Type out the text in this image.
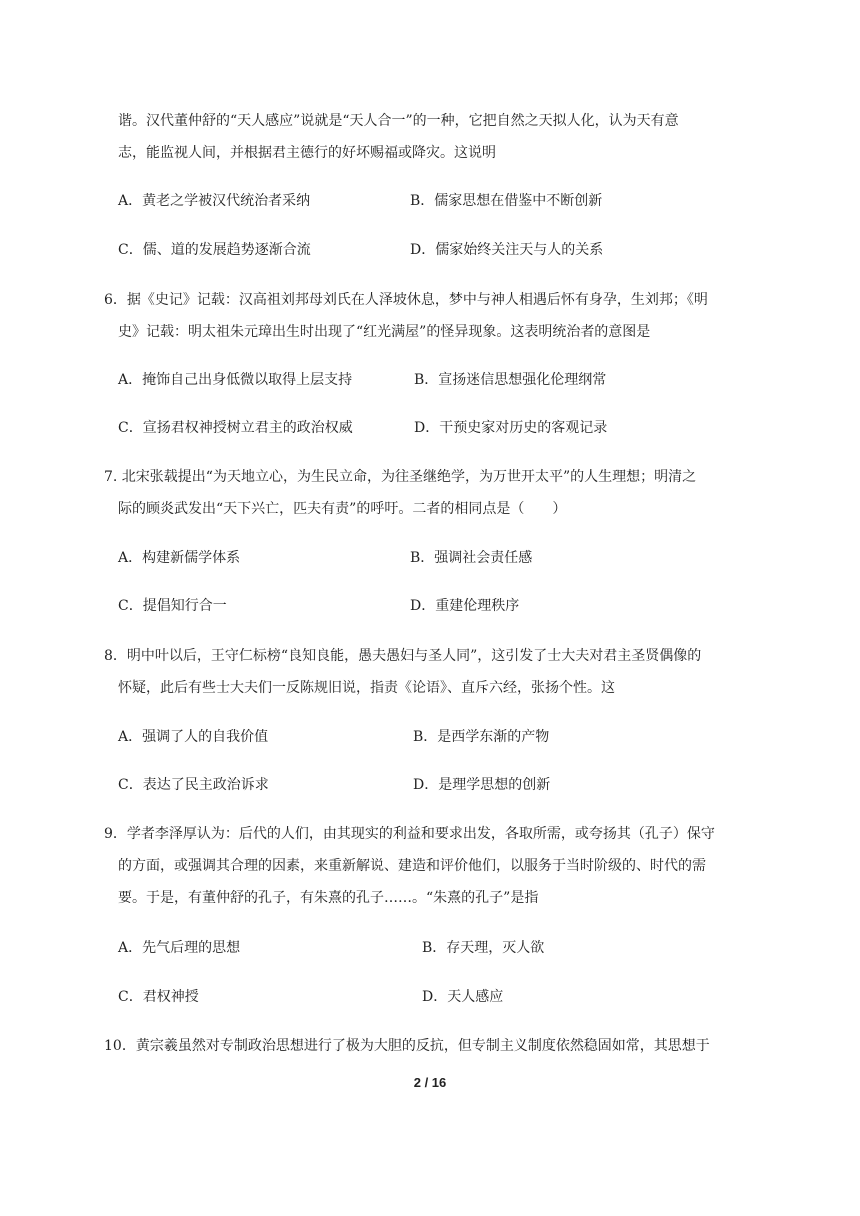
谐。汉代董仲舒的“天人感应”说就是“天人合一”的一种，它把自然之天拟人化，认为天有意
志，能监视人间，并根据君主德行的好坏赐福或降灾。这说明
A．黄老之学被汉代统治者采纳	B．儒家思想在借鉴中不断创新
C．儒、道的发展趋势逐渐合流	D．儒家始终关注天与人的关系
6．据《史记》记载：汉高祖刘邦母刘氏在人泽坡休息，梦中与神人相遇后怀有身孕，生刘邦；《明
史》记载：明太祖朱元璋出生时出现了“红光满屋”的怪异现象。这表明统治者的意图是
A．掩饰自己出身低微以取得上层支持	B．宣扬迷信思想强化伦理纲常
C．宣扬君权神授树立君主的政治权威	D．干预史家对历史的客观记录
7. 北宋张载提出“为天地立心，为生民立命，为往圣继绝学，为万世开太平”的人生理想；明清之
际的顾炎武发出“天下兴亡，匹夫有责”的呼吁。二者的相同点是（　　）
A．构建新儒学体系	B．强调社会责任感
C．提倡知行合一	D．重建伦理秩序
8．明中叶以后，王守仁标榜“良知良能，愚夫愚妇与圣人同”，这引发了士大夫对君主圣贤偶像的
怀疑，此后有些士大夫们一反陈规旧说，指责《论语》、直斥六经，张扬个性。这
A．强调了人的自我价值	B．是西学东渐的产物
C．表达了民主政治诉求	D．是理学思想的创新
9．学者李泽厚认为：后代的人们，由其现实的利益和要求出发，各取所需，或夸扬其（孔子）保守
的方面，或强调其合理的因素，来重新解说、建造和评价他们，以服务于当时阶级的、时代的需
要。于是，有董仲舒的孔子，有朱熹的孔子……。“朱熹的孔子”是指
A．先气后理的思想	B．存天理，灭人欲
C．君权神授	D．天人感应
10．黄宗羲虽然对专制政治思想进行了极为大胆的反抗，但专制主义制度依然稳固如常，其思想于
2 / 16
